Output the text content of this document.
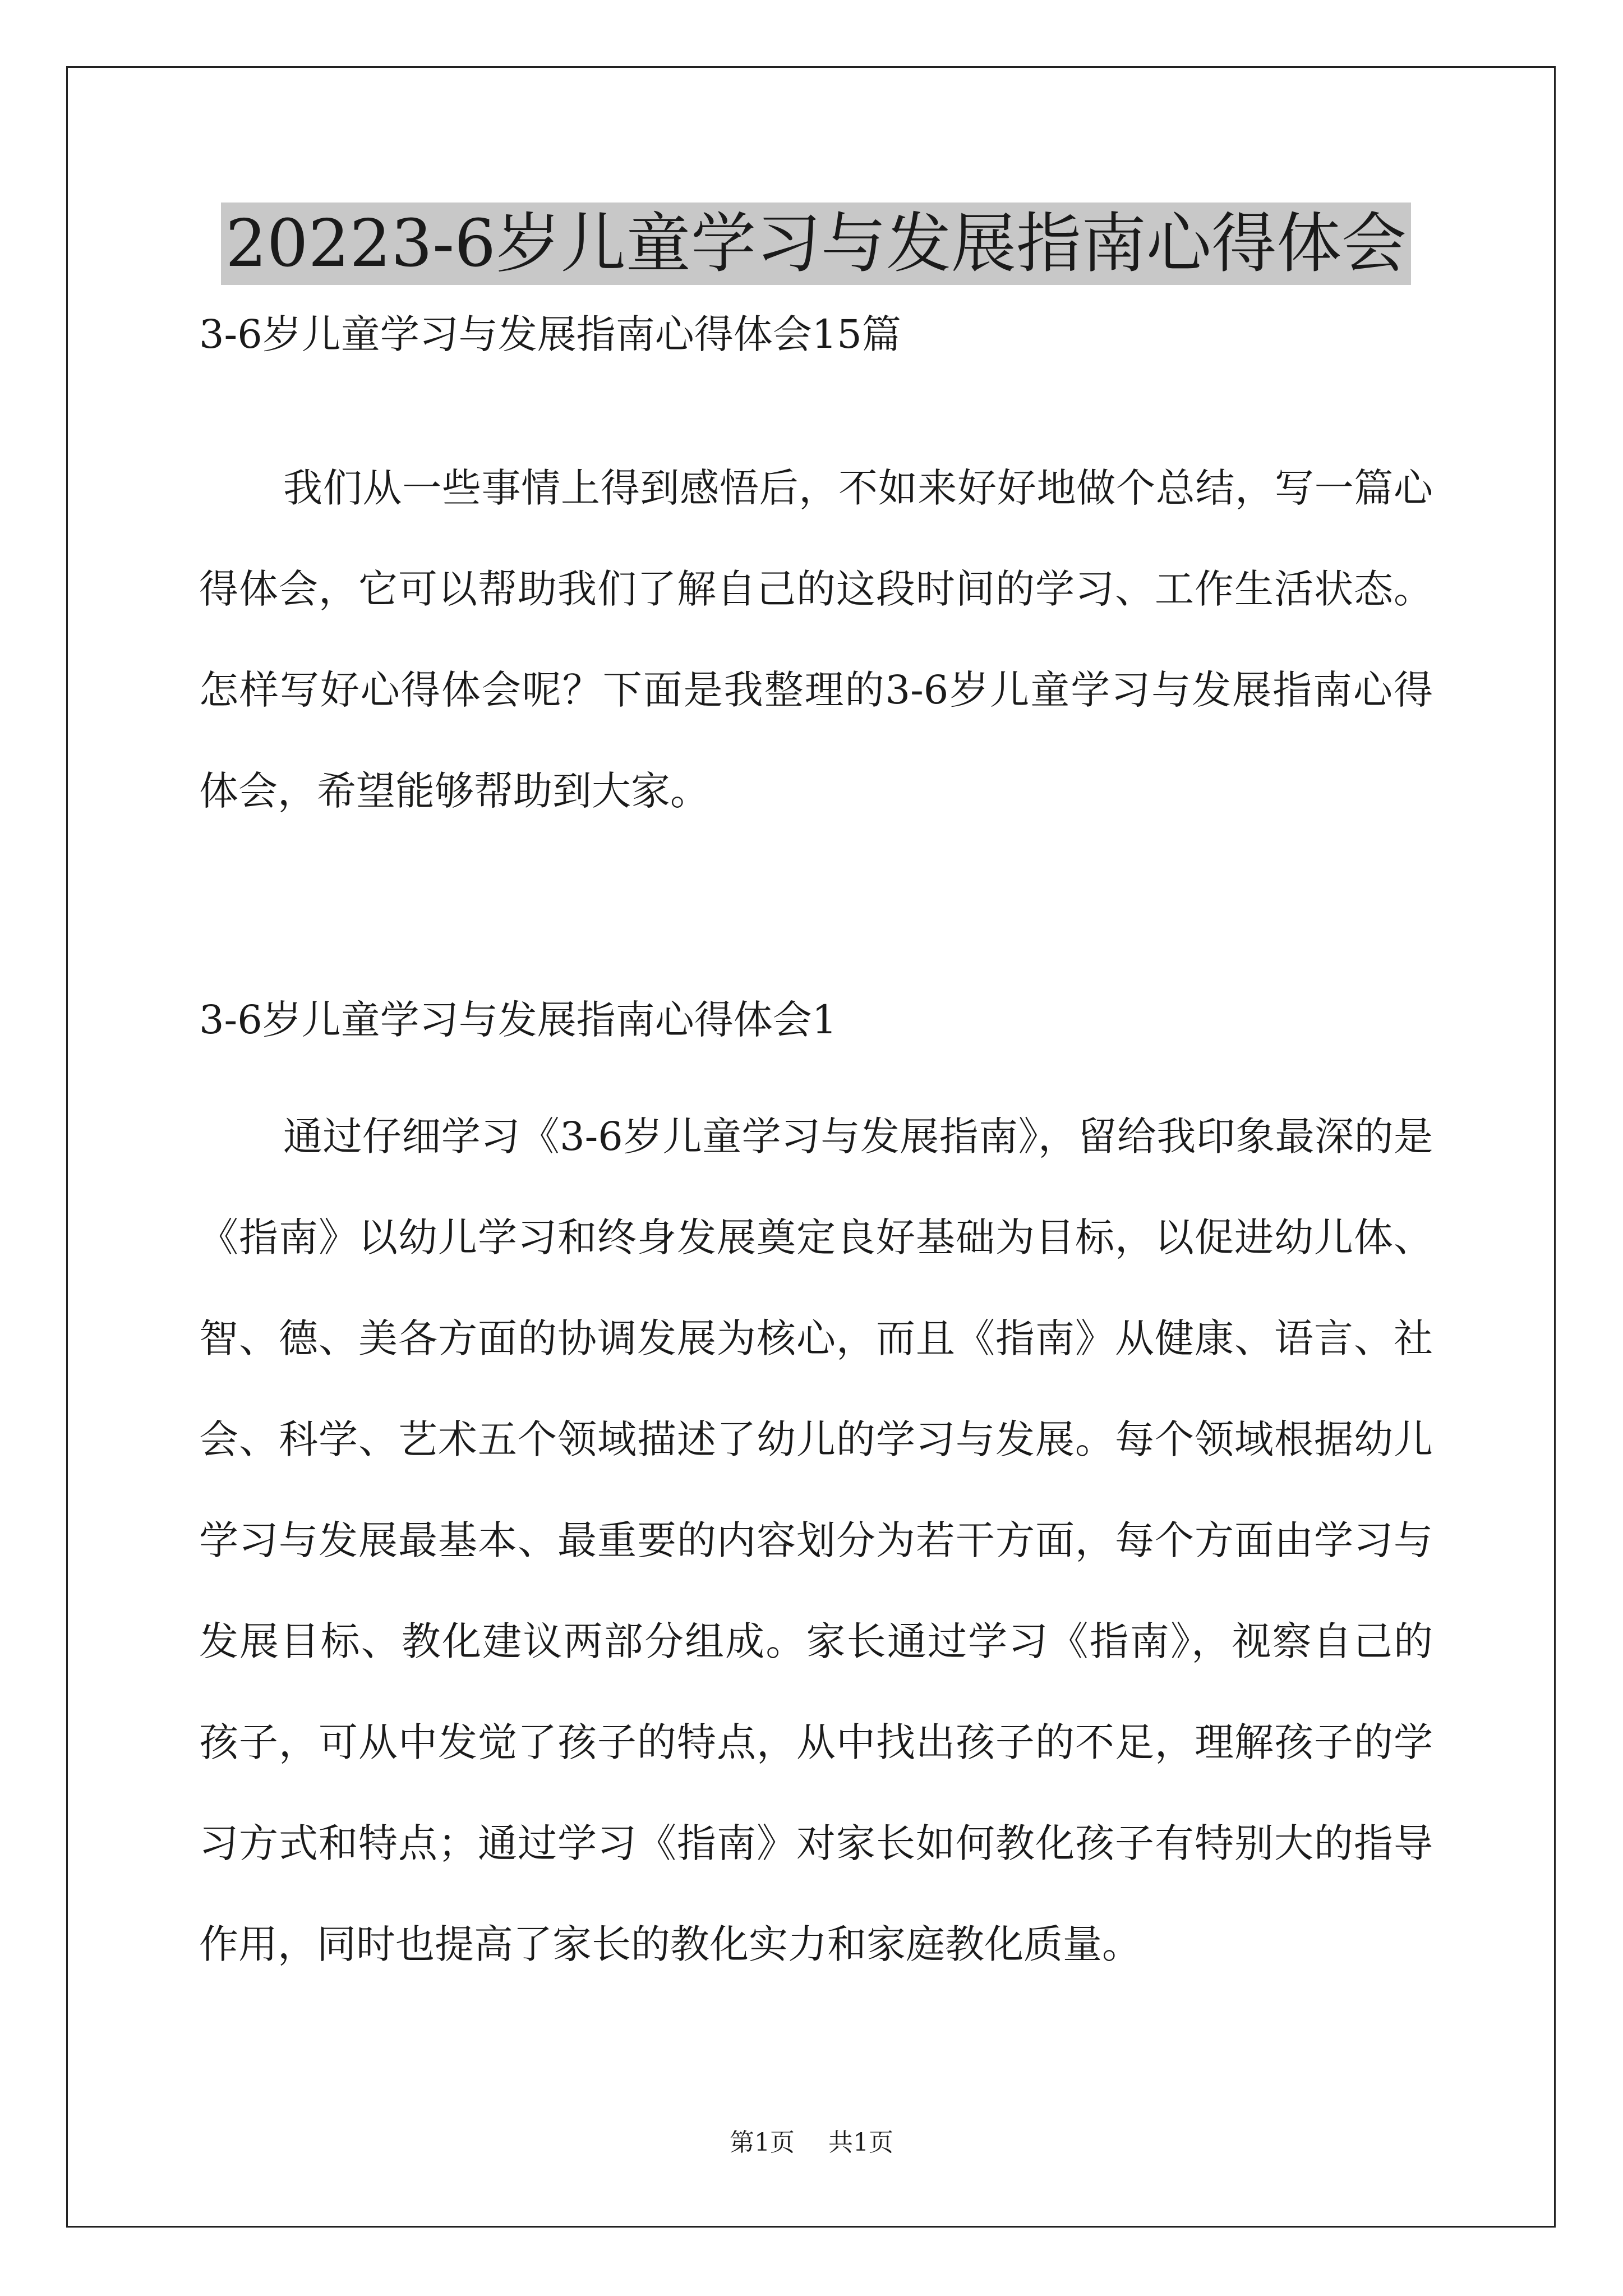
20223-6岁儿童学习与发展指南心得体会

3-6岁儿童学习与发展指南心得体会15篇

我们从一些事情上得到感悟后，不如来好好地做个总结，写一篇心得体会，它可以帮助我们了解自己的这段时间的学习、工作生活状态。怎样写好心得体会呢？下面是我整理的3-6岁儿童学习与发展指南心得体会，希望能够帮助到大家。

3-6岁儿童学习与发展指南心得体会1

通过仔细学习《3-6岁儿童学习与发展指南》，留给我印象最深的是《指南》以幼儿学习和终身发展奠定良好基础为目标，以促进幼儿体、智、德、美各方面的协调发展为核心，而且《指南》从健康、语言、社会、科学、艺术五个领域描述了幼儿的学习与发展。每个领域根据幼儿学习与发展最基本、最重要的内容划分为若干方面，每个方面由学习与发展目标、教化建议两部分组成。家长通过学习《指南》，视察自己的孩子，可从中发觉了孩子的特点，从中找出孩子的不足，理解孩子的学习方式和特点；通过学习《指南》对家长如何教化孩子有特别大的指导作用，同时也提高了家长的教化实力和家庭教化质量。

第1页 共1页
